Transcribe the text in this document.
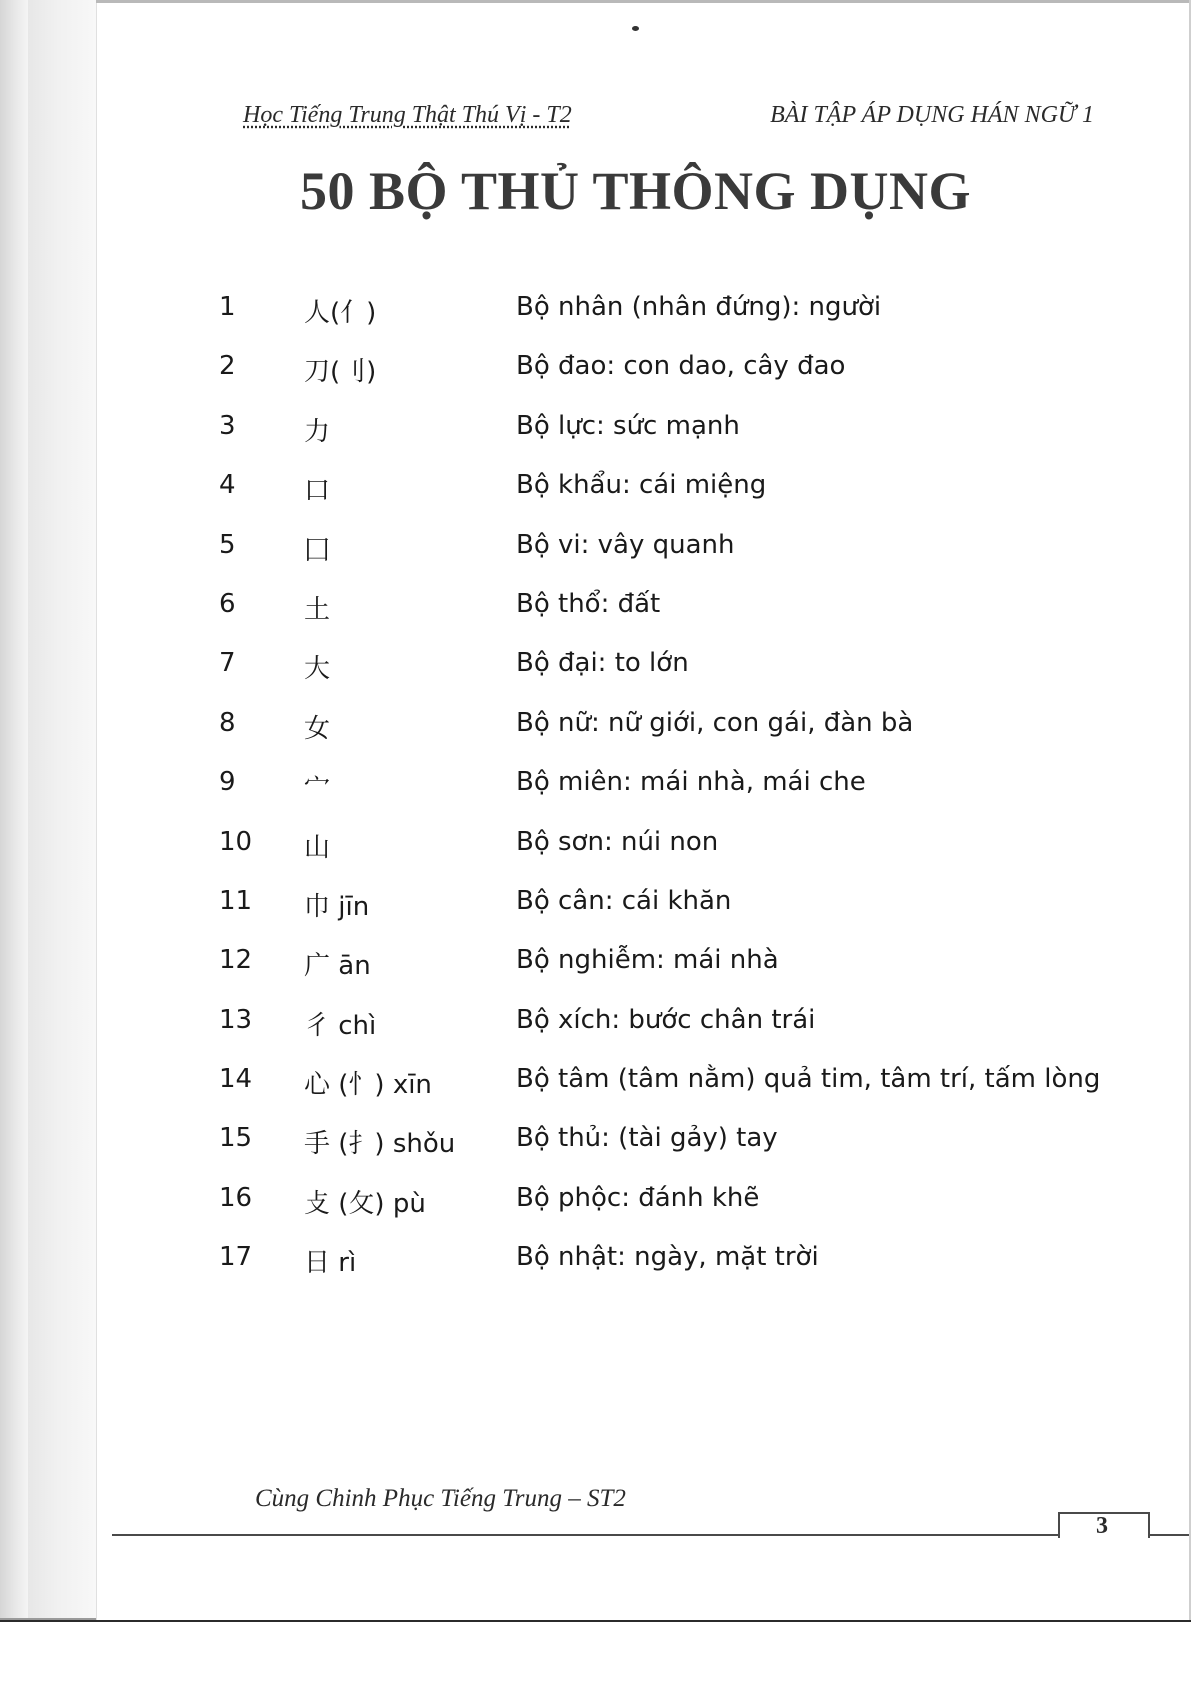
Học Tiếng Trung Thật Thú Vị - T2	BÀI TẬP ÁP DỤNG HÁN NGỮ 1
50 BỘ THỦ THÔNG DỤNG
1	人(亻)	Bộ nhân (nhân đứng): người
2	刀(刂)	Bộ đao: con dao, cây đao
3	力	Bộ lực: sức mạnh
4	口	Bộ khẩu: cái miệng
5	囗	Bộ vi: vây quanh
6	土	Bộ thổ: đất
7	大	Bộ đại: to lớn
8	女	Bộ nữ: nữ giới, con gái, đàn bà
9	宀	Bộ miên: mái nhà, mái che
10 山	Bộ sơn: núi non
11 巾 jīn	Bộ cân: cái khăn
12 广 ān	Bộ nghiễm: mái nhà
13 彳 chì	Bộ xích: bước chân trái
14 心 (忄) xīn	Bộ tâm (tâm nằm) quả tim, tâm trí, tấm lòng
15 手 (扌) shǒu Bộ thủ: (tài gảy) tay
16 攴 (攵) pù	Bộ phộc: đánh khẽ
17 日 rì	Bộ nhật: ngày, mặt trời
Cùng Chinh Phục Tiếng Trung – ST2
3
